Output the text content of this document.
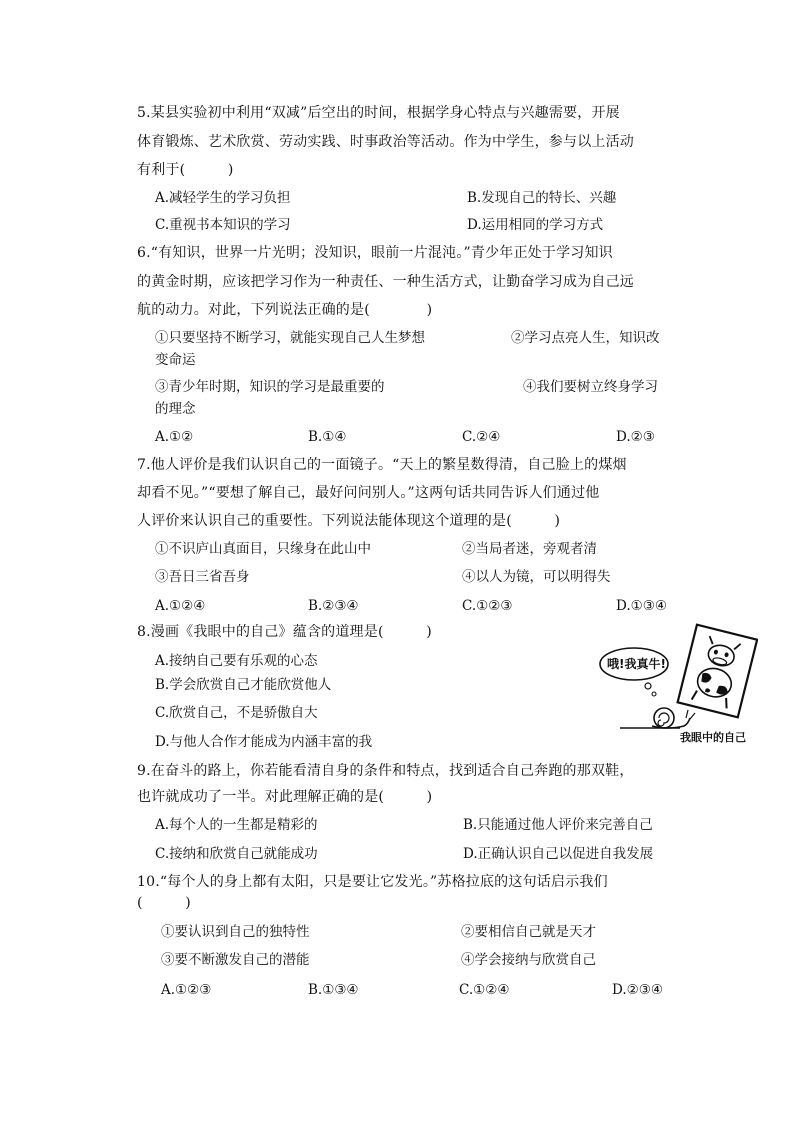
5.某县实验初中利用“双减”后空出的时间，根据学身心特点与兴趣需要，开展
体育锻炼、艺术欣赏、劳动实践、时事政治等活动。作为中学生，参与以上活动
有利于(　　　)
A.减轻学生的学习负担	B.发现自己的特长、兴趣
C.重视书本知识的学习	D.运用相同的学习方式
6.“有知识，世界一片光明；没知识，眼前一片混沌。”青少年正处于学习知识
的黄金时期，应该把学习作为一种责任、一种生活方式，让勤奋学习成为自己远
航的动力。对此，下列说法正确的是(　　　　)
①只要坚持不断学习，就能实现自己人生梦想	②学习点亮人生，知识改
变命运
③青少年时期，知识的学习是最重要的	④我们要树立终身学习
的理念
A.①②	B.①④	C.②④	D.②③
7.他人评价是我们认识自己的一面镜子。“天上的繁星数得清，自己脸上的煤烟
却看不见。”“要想了解自己，最好问问别人。”这两句话共同告诉人们通过他
人评价来认识自己的重要性。下列说法能体现这个道理的是(　　　)
①不识庐山真面目，只缘身在此山中	②当局者迷，旁观者清
③吾日三省吾身	④以人为镜，可以明得失
A.①②④	B.②③④	C.①②③	D.①③④
8.漫画《我眼中的自己》蕴含的道理是(　　　)
A.接纳自己要有乐观的心态
B.学会欣赏自己才能欣赏他人
C.欣赏自己，不是骄傲自大
D.与他人合作才能成为内涵丰富的我
哦!我真牛!
我眼中的自己
9.在奋斗的路上，你若能看清自身的条件和特点，找到适合自己奔跑的那双鞋，
也许就成功了一半。对此理解正确的是(　　　)
A.每个人的一生都是精彩的	B.只能通过他人评价来完善自己
C.接纳和欣赏自己就能成功	D.正确认识自己以促进自我发展
10.“每个人的身上都有太阳，只是要让它发光。”苏格拉底的这句话启示我们
(　　　)
①要认识到自己的独特性	②要相信自己就是天才
③要不断激发自己的潜能	④学会接纳与欣赏自己
A.①②③	B.①③④	C.①②④	D.②③④
